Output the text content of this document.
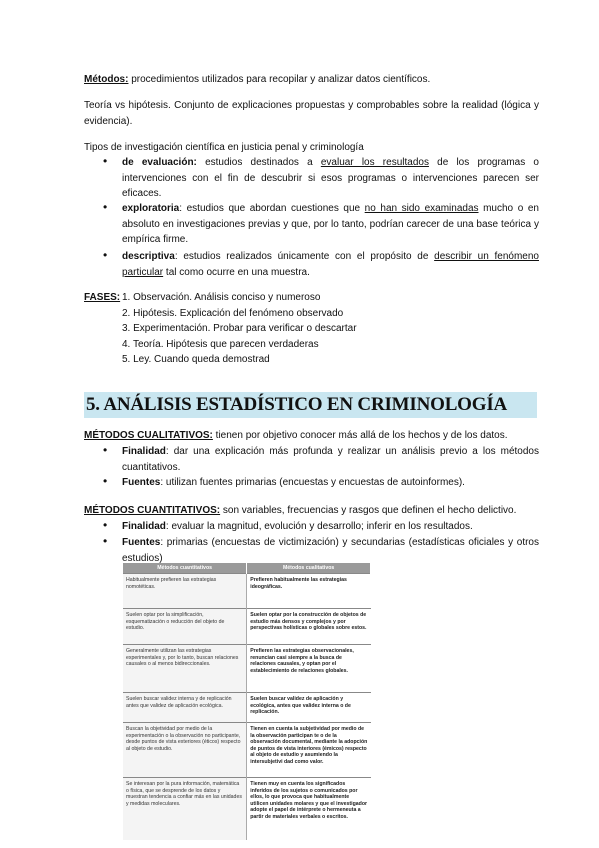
Métodos: procedimientos utilizados para recopilar y analizar datos científicos.
Teoría vs hipótesis. Conjunto de explicaciones propuestas y comprobables sobre la realidad (lógica y evidencia).
Tipos de investigación científica en justicia penal y criminología
• de evaluación: estudios destinados a evaluar los resultados de los programas o intervenciones con el fin de descubrir si esos programas o intervenciones parecen ser eficaces.
• exploratoria: estudios que abordan cuestiones que no han sido examinadas mucho o en absoluto en investigaciones previas y que, por lo tanto, podrían carecer de una base teórica y empírica firme.
• descriptiva: estudios realizados únicamente con el propósito de describir un fenómeno particular tal como ocurre en una muestra.
FASES: 1. Observación. Análisis conciso y numeroso
2. Hipótesis. Explicación del fenómeno observado
3. Experimentación. Probar para verificar o descartar
4. Teoría. Hipótesis que parecen verdaderas
5. Ley. Cuando queda demostrad
5. ANÁLISIS ESTADÍSTICO EN CRIMINOLOGÍA
MÉTODOS CUALITATIVOS: tienen por objetivo conocer más allá de los hechos y de los datos.
• Finalidad: dar una explicación más profunda y realizar un análisis previo a los métodos cuantitativos.
• Fuentes: utilizan fuentes primarias (encuestas y encuestas de autoinformes).
MÉTODOS CUANTITATIVOS: son variables, frecuencias y rasgos que definen el hecho delictivo.
• Finalidad: evaluar la magnitud, evolución y desarrollo; inferir en los resultados.
• Fuentes: primarias (encuestas de victimización) y secundarias (estadísticas oficiales y otros estudios)
Métodos cuantitativos	Métodos cualitativos
Habitualmente prefieren las estrategias nomotéticas.	Prefieren habitualmente las estrategias ideográficas.
Suelen optar por la simplificación, esquematización o reducción del objeto de estudio.	Suelen optar por la construcción de objetos de estudio más densos y complejos y por perspectivas holísticas o globales sobre estos.
Generalmente utilizan las estrategias experimentales y, por lo tanto, buscan relaciones causales o al menos bidireccionales.	Prefieren las estrategias observacionales, renuncian casi siempre a la busca de relaciones causales, y optan por el establecimiento de relaciones globales.
Suelen buscar validez interna y de replicación antes que validez de aplicación ecológica.	Suelen buscar validez de aplicación y ecológica, antes que validez interna o de replicación.
Buscan la objetividad por medio de la experimentación o la observación no participante, desde puntos de vista exteriores (éticos) respecto al objeto de estudio.	Tienen en cuenta la subjetividad por medio de la observación participan te o de la observación documental, mediante la adopción de puntos de vista interiores (émicos) respecto al objeto de estudio y asumiendo la intersubjetivi dad como valor.
Se interesan por la pura información, matemática o física, que se desprende de los datos y muestran tendencia a confiar más en las unidades y medidas moleculares.	Tienen muy en cuenta los significados inferidos de los sujetos o comunicados por ellos, lo que provoca que habitualmente utilicen unidades molares y que el investigador adopte el papel de intérprete o hermeneuta a partir de materiales verbales o escritos.
